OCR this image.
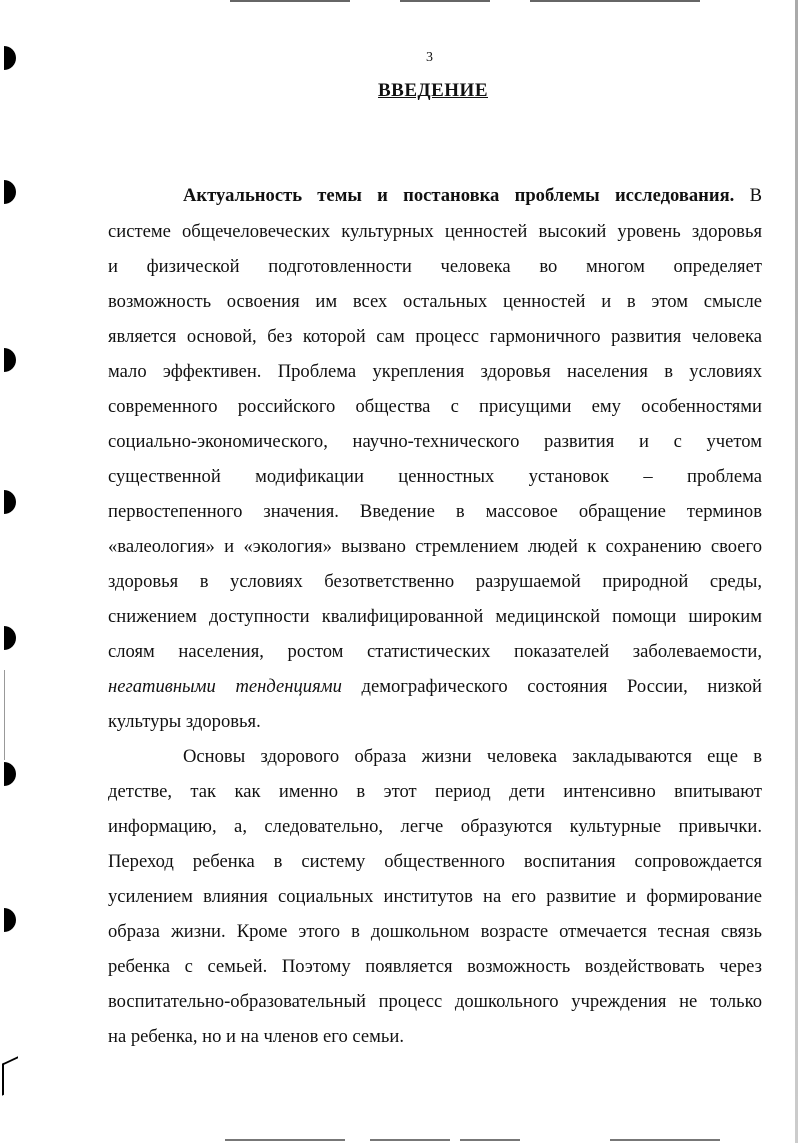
3
ВВЕДЕНИЕ
Актуальность темы и постановка проблемы исследования. В
системе общечеловеческих культурных ценностей высокий уровень здоровья
и физической подготовленности человека во многом определяет
возможность освоения им всех остальных ценностей и в этом смысле
является основой, без которой сам процесс гармоничного развития человека
мало эффективен. Проблема укрепления здоровья населения в условиях
современного российского общества с присущими ему особенностями
социально-экономического, научно-технического развития и с учетом
существенной модификации ценностных установок – проблема
первостепенного значения. Введение в массовое обращение терминов
«валеология» и «экология» вызвано стремлением людей к сохранению своего
здоровья в условиях безответственно разрушаемой природной среды,
снижением доступности квалифицированной медицинской помощи широким
слоям населения, ростом статистических показателей заболеваемости,
негативными тенденциями демографического состояния России, низкой
культуры здоровья.
Основы здорового образа жизни человека закладываются еще в
детстве, так как именно в этот период дети интенсивно впитывают
информацию, а, следовательно, легче образуются культурные привычки.
Переход ребенка в систему общественного воспитания сопровождается
усилением влияния социальных институтов на его развитие и формирование
образа жизни. Кроме этого в дошкольном возрасте отмечается тесная связь
ребенка с семьей. Поэтому появляется возможность воздействовать через
воспитательно-образовательный процесс дошкольного учреждения не только
на ребенка, но и на членов его семьи.
